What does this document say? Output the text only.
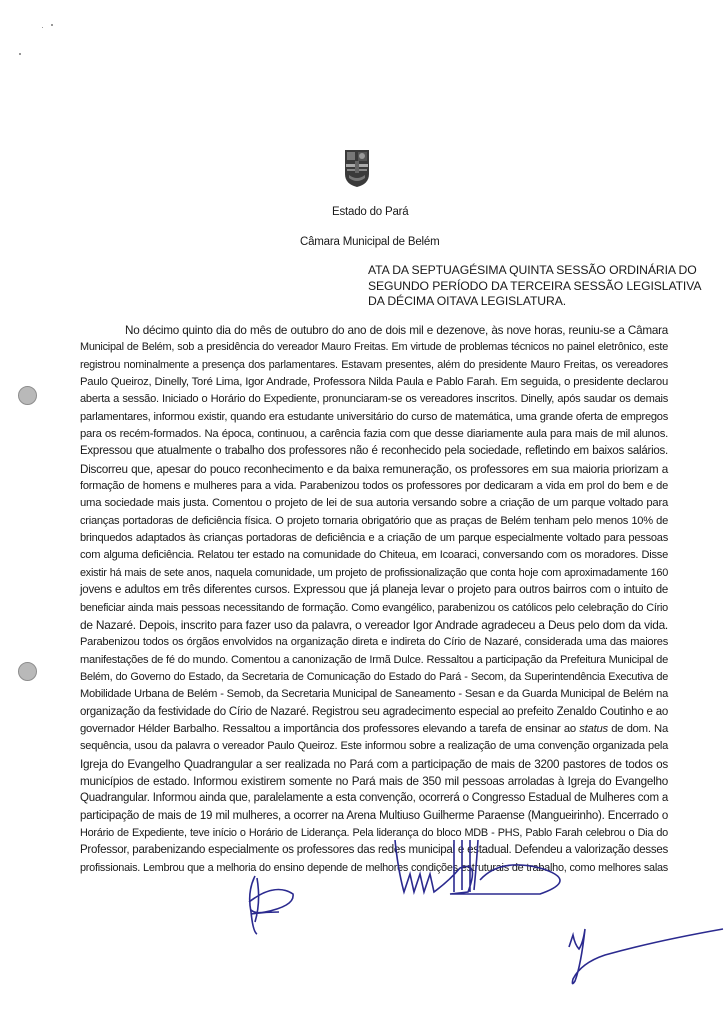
Estado do Pará
Câmara Municipal de Belém
ATA DA SEPTUAGÉSIMA QUINTA SESSÃO ORDINÁRIA DO
SEGUNDO PERÍODO DA TERCEIRA SESSÃO LEGISLATIVA
DA DÉCIMA OITAVA LEGISLATURA.
No décimo quinto dia do mês de outubro do ano de dois mil e dezenove, às nove horas, reuniu-se a Câmara
Municipal de Belém, sob a presidência do vereador Mauro Freitas. Em virtude de problemas técnicos no painel eletrônico, este
registrou nominalmente a presença dos parlamentares. Estavam presentes, além do presidente Mauro Freitas, os vereadores
Paulo Queiroz, Dinelly, Toré Lima, Igor Andrade, Professora Nilda Paula e Pablo Farah. Em seguida, o presidente declarou
aberta a sessão. Iniciado o Horário do Expediente, pronunciaram-se os vereadores inscritos. Dinelly, após saudar os demais
parlamentares, informou existir, quando era estudante universitário do curso de matemática, uma grande oferta de empregos
para os recém-formados. Na época, continuou, a carência fazia com que desse diariamente aula para mais de mil alunos.
Expressou que atualmente o trabalho dos professores não é reconhecido pela sociedade, refletindo em baixos salários.
Discorreu que, apesar do pouco reconhecimento e da baixa remuneração, os professores em sua maioria priorizam a
formação de homens e mulheres para a vida. Parabenizou todos os professores por dedicaram a vida em prol do bem e de
uma sociedade mais justa. Comentou o projeto de lei de sua autoria versando sobre a criação de um parque voltado para
crianças portadoras de deficiência física. O projeto tornaria obrigatório que as praças de Belém tenham pelo menos 10% de
brinquedos adaptados às crianças portadoras de deficiência e a criação de um parque especialmente voltado para pessoas
com alguma deficiência. Relatou ter estado na comunidade do Chiteua, em Icoaraci, conversando com os moradores. Disse
existir há mais de sete anos, naquela comunidade, um projeto de profissionalização que conta hoje com aproximadamente 160
jovens e adultos em três diferentes cursos. Expressou que já planeja levar o projeto para outros bairros com o intuito de
beneficiar ainda mais pessoas necessitando de formação. Como evangélico, parabenizou os católicos pelo celebração do Círio
de Nazaré. Depois, inscrito para fazer uso da palavra, o vereador Igor Andrade agradeceu a Deus pelo dom da vida.
Parabenizou todos os órgãos envolvidos na organização direta e indireta do Círio de Nazaré, considerada uma das maiores
manifestações de fé do mundo. Comentou a canonização de Irmã Dulce. Ressaltou a participação da Prefeitura Municipal de
Belém, do Governo do Estado, da Secretaria de Comunicação do Estado do Pará - Secom, da Superintendência Executiva de
Mobilidade Urbana de Belém - Semob, da Secretaria Municipal de Saneamento - Sesan e da Guarda Municipal de Belém na
organização da festividade do Círio de Nazaré. Registrou seu agradecimento especial ao prefeito Zenaldo Coutinho e ao
governador Hélder Barbalho. Ressaltou a importância dos professores elevando a tarefa de ensinar ao status de dom. Na
sequência, usou da palavra o vereador Paulo Queiroz. Este informou sobre a realização de uma convenção organizada pela
Igreja do Evangelho Quadrangular a ser realizada no Pará com a participação de mais de 3200 pastores de todos os
municípios de estado. Informou existirem somente no Pará mais de 350 mil pessoas arroladas à Igreja do Evangelho
Quadrangular. Informou ainda que, paralelamente a esta convenção, ocorrerá o Congresso Estadual de Mulheres com a
participação de mais de 19 mil mulheres, a ocorrer na Arena Multiuso Guilherme Paraense (Mangueirinho). Encerrado o
Horário de Expediente, teve início o Horário de Liderança. Pela liderança do bloco MDB - PHS, Pablo Farah celebrou o Dia do
Professor, parabenizando especialmente os professores das redes municipal e estadual. Defendeu a valorização desses
profissionais. Lembrou que a melhoria do ensino depende de melhores condições estruturais de trabalho, como melhores salas
